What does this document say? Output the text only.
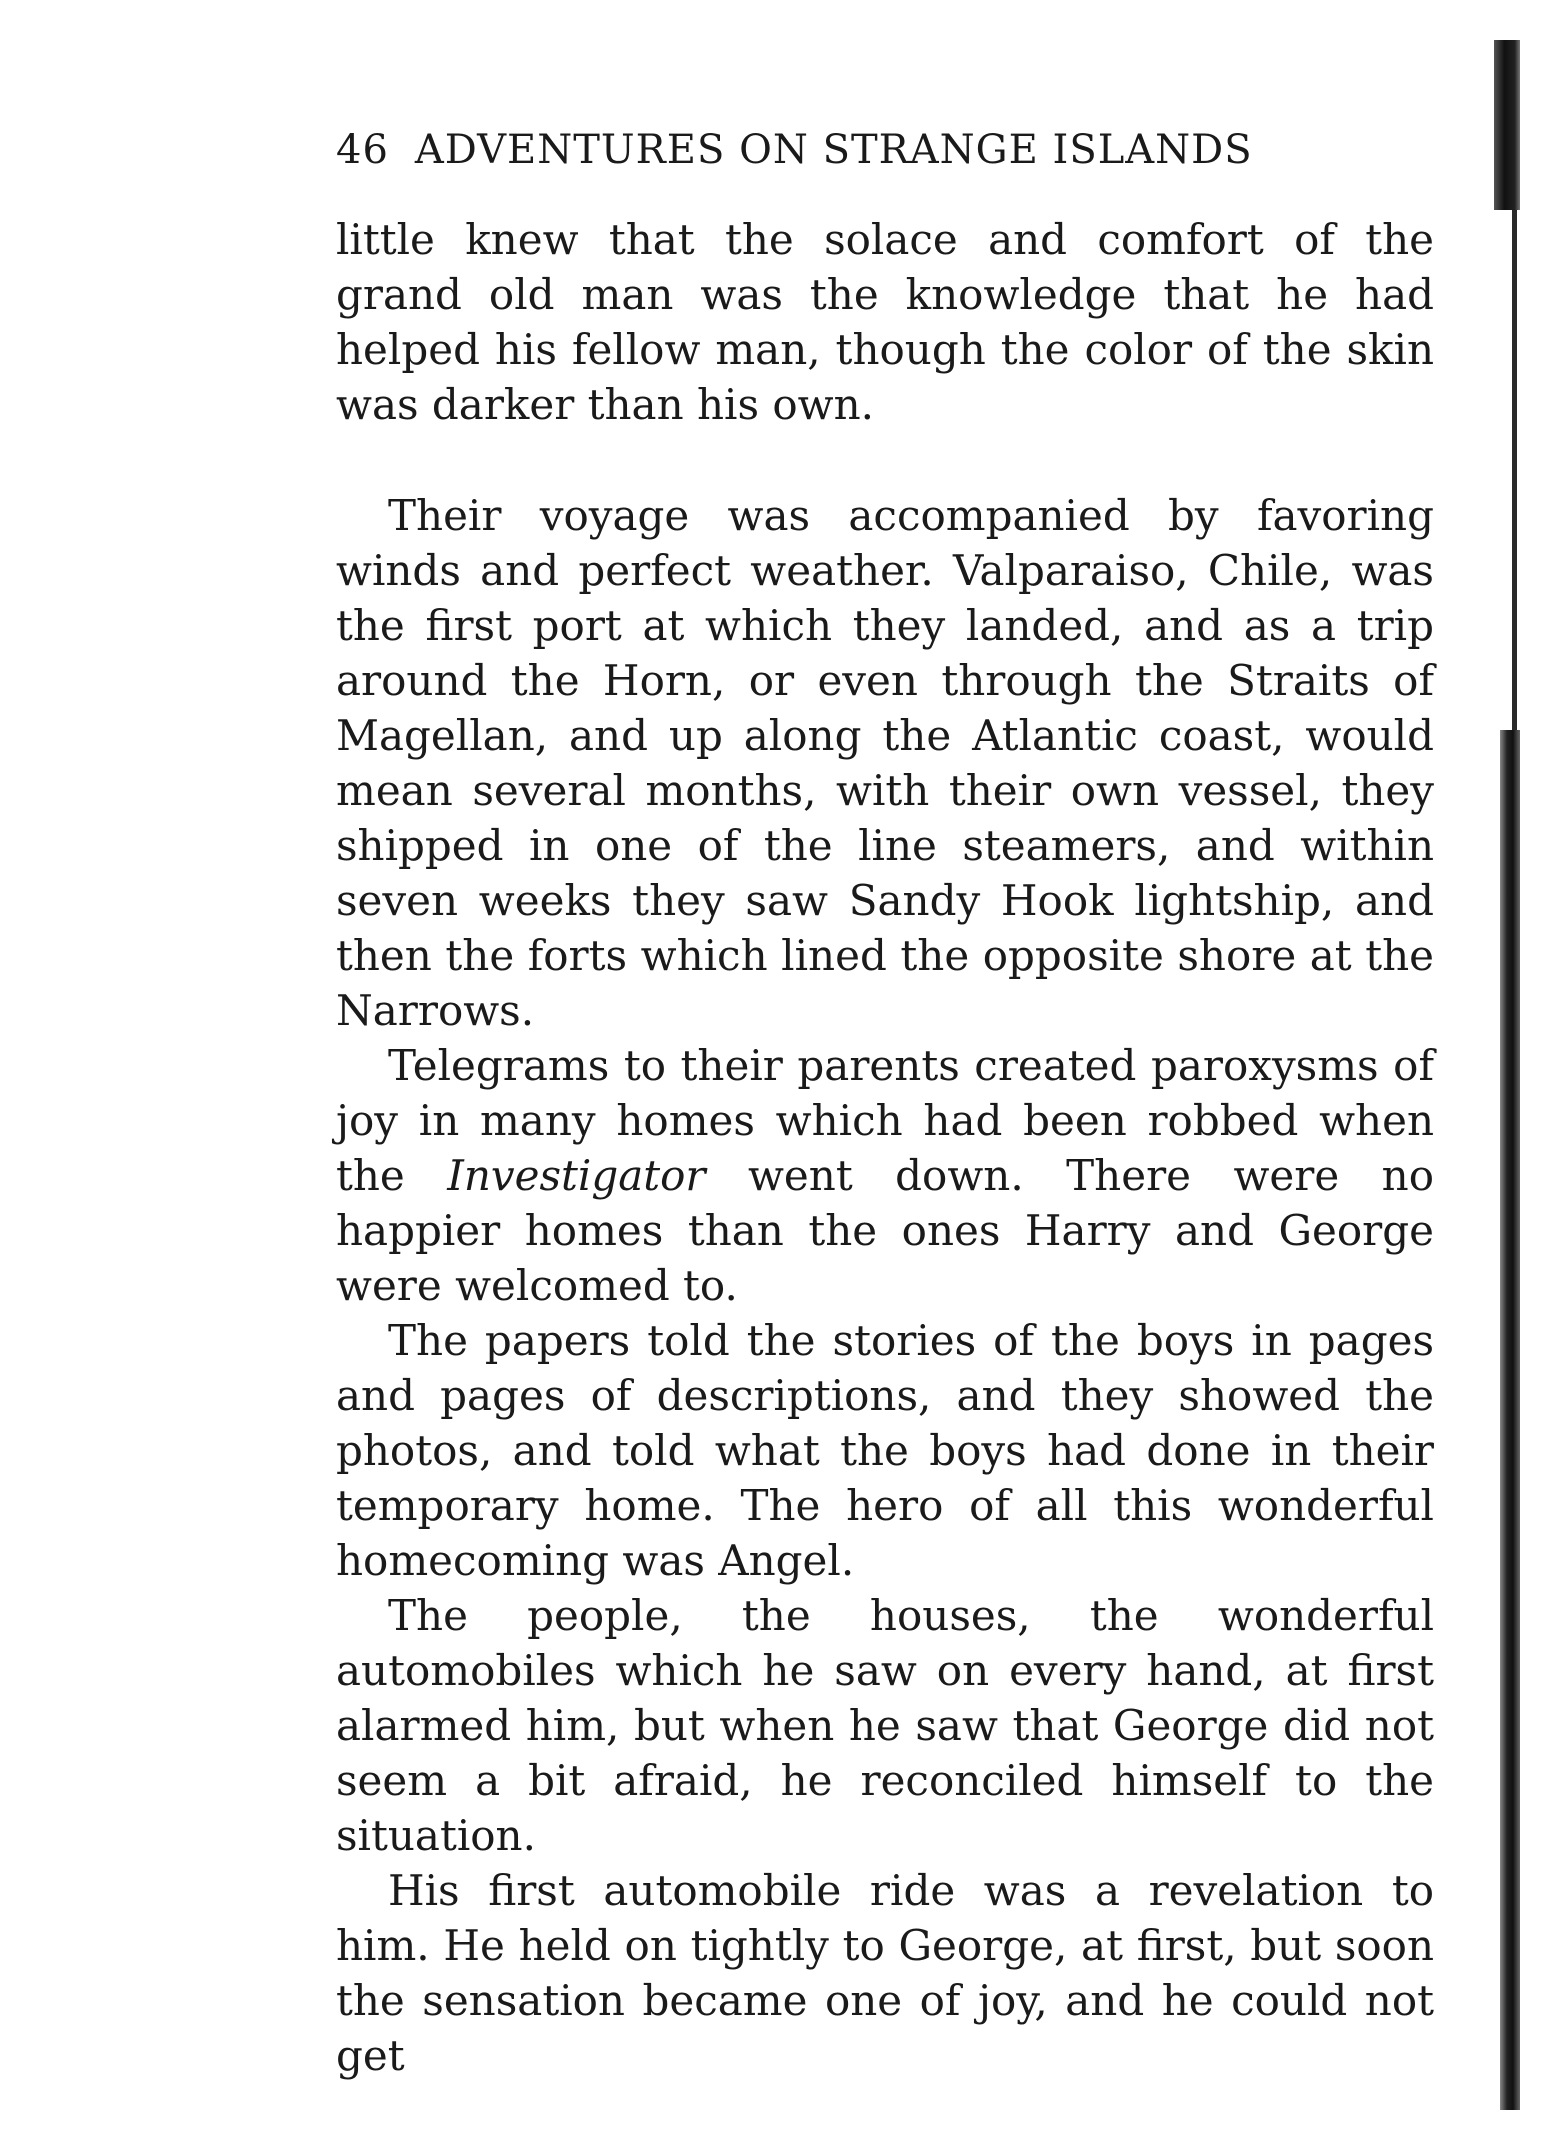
46 ADVENTURES ON STRANGE ISLANDS

little knew that the solace and comfort of the grand old man was the knowledge that he had helped his fellow man, though the color of the skin was darker than his own.

Their voyage was accompanied by favoring winds and perfect weather. Valparaiso, Chile, was the first port at which they landed, and as a trip around the Horn, or even through the Straits of Magellan, and up along the Atlantic coast, would mean several months, with their own vessel, they shipped in one of the line steamers, and within seven weeks they saw Sandy Hook lightship, and then the forts which lined the opposite shore at the Narrows.

Telegrams to their parents created paroxysms of joy in many homes which had been robbed when the Investigator went down. There were no happier homes than the ones Harry and George were welcomed to.

The papers told the stories of the boys in pages and pages of descriptions, and they showed the photos, and told what the boys had done in their temporary home. The hero of all this wonderful homecoming was Angel.

The people, the houses, the wonderful automobiles which he saw on every hand, at first alarmed him, but when he saw that George did not seem a bit afraid, he reconciled himself to the situation.

His first automobile ride was a revelation to him. He held on tightly to George, at first, but soon the sensation became one of joy, and he could not get
